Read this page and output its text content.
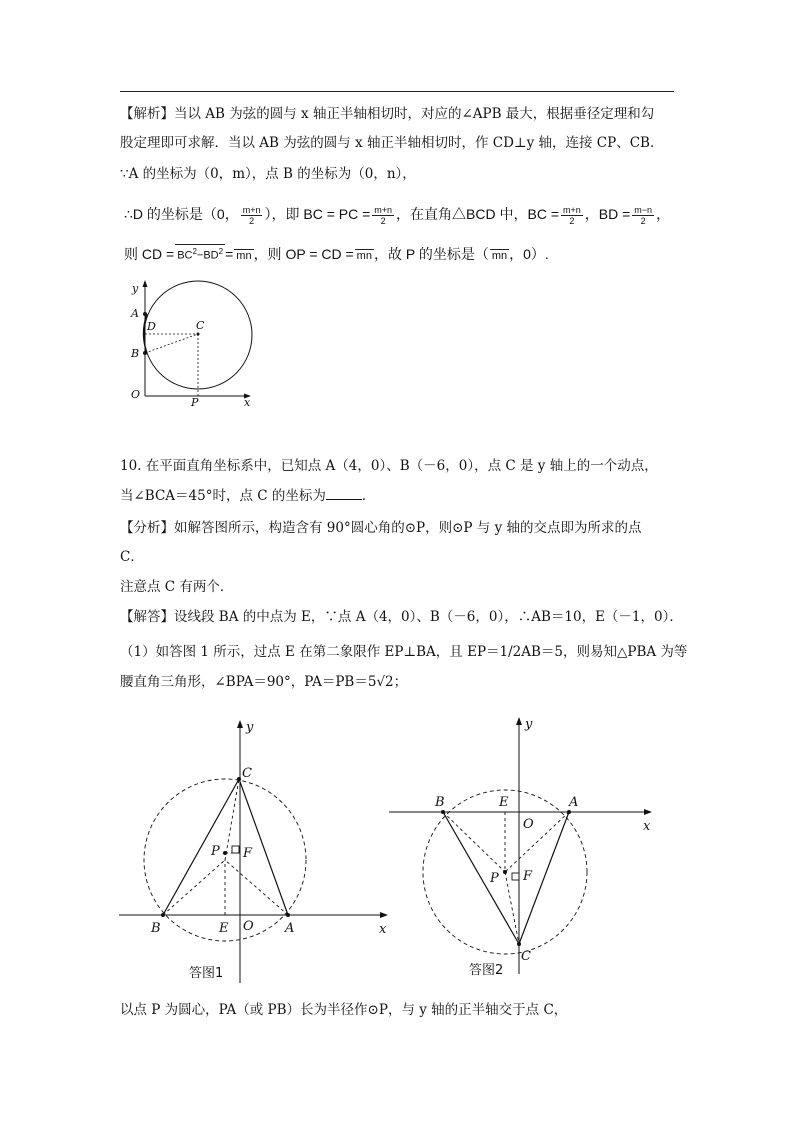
【解析】当以 AB 为弦的圆与 x 轴正半轴相切时，对应的∠APB 最大，根据垂径定理和勾
股定理即可求解．当以 AB 为弦的圆与 x 轴正半轴相切时，作 CD⊥y 轴，连接 CP、CB．
∵A 的坐标为（0，m），点 B 的坐标为（0，n），
∴D 的坐标是（0， $\frac{m+n}{2}$ ），即 BC = PC = $\frac{m+n}{2}$ ，在直角△BCD 中，BC = $\frac{m+n}{2}$ ，BD = $\frac{m-n}{2}$ ，
则 CD = $BC^2-BD^2$ = mn ，则 OP = CD = mn ，故 P 的坐标是（ mn ，0）.
y
A
D	C
B
O
P	x
10. 在平面直角坐标系中，已知点 A（4，0）、B（－6，0），点 C 是 y 轴上的一个动点，
当∠BCA＝45°时，点 C 的坐标为	．
【分析】如解答图所示，构造含有 90°圆心角的⊙P，则⊙P 与 y 轴的交点即为所求的点
C．
注意点 C 有两个．
【解答】设线段 BA 的中点为 E，∵点 A（4，0）、B（－6，0），∴AB＝10，E（－1，0）．
（1）如答图 1 所示，过点 E 在第二象限作 EP⊥BA，且 EP＝1/2AB＝5，则易知△PBA 为等
腰直角三角形，∠BPA＝90°，PA＝PB＝5√2；
y
C
P F
B	E O A	x
答图1
y
B	E	A
O	x
P F
C
答图2
以点 P 为圆心，PA（或 PB）长为半径作⊙P，与 y 轴的正半轴交于点 C，
